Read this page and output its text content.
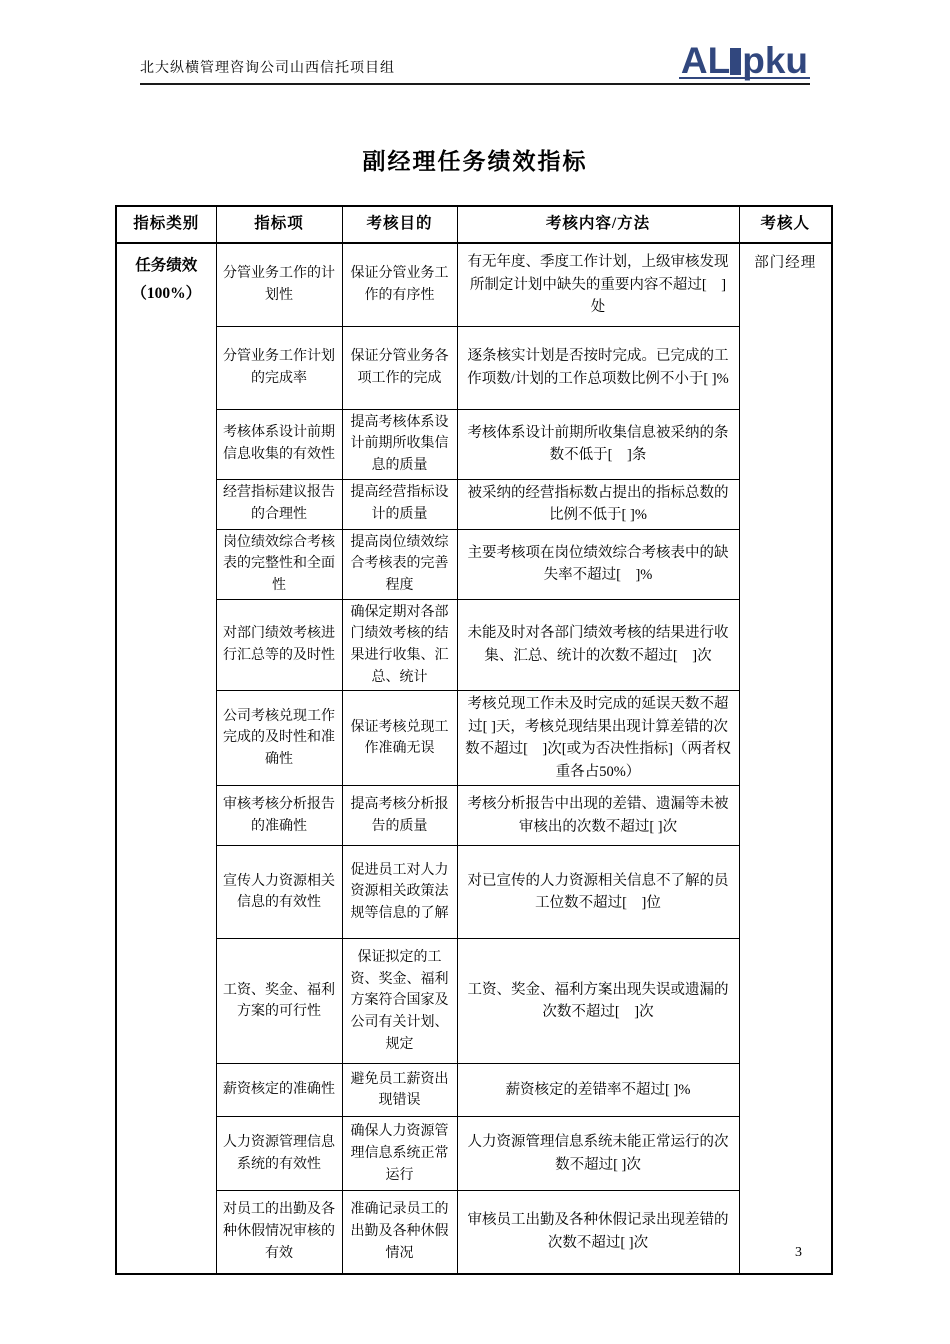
北大纵横管理咨询公司山西信托项目组	AL pku
副经理任务绩效指标
指标类别	指标项	考核目的	考核内容/方法	考核人

任务绩效
（100%）	分管业务工作的计划性	保证分管业务工作的有序性	有无年度、季度工作计划，上级审核发现所制定计划中缺失的重要内容不超过[　]处	部门经理
	分管业务工作计划的完成率	保证分管业务各项工作的完成	逐条核实计划是否按时完成。已完成的工作项数/计划的工作总项数比例不小于[ ]%	
	考核体系设计前期信息收集的有效性	提高考核体系设计前期所收集信息的质量	考核体系设计前期所收集信息被采纳的条数不低于[　]条	
	经营指标建议报告的合理性	提高经营指标设计的质量	被采纳的经营指标数占提出的指标总数的比例不低于[ ]%	
	岗位绩效综合考核表的完整性和全面性	提高岗位绩效综合考核表的完善程度	主要考核项在岗位绩效综合考核表中的缺失率不超过[　]%	
	对部门绩效考核进行汇总等的及时性	确保定期对各部门绩效考核的结果进行收集、汇总、统计	未能及时对各部门绩效考核的结果进行收集、汇总、统计的次数不超过[　]次	
	公司考核兑现工作完成的及时性和准确性	保证考核兑现工作准确无误	考核兑现工作未及时完成的延误天数不超过[ ]天，考核兑现结果出现计算差错的次数不超过[　]次[或为否决性指标]（两者权重各占50%）	
	审核考核分析报告的准确性	提高考核分析报告的质量	考核分析报告中出现的差错、遗漏等未被审核出的次数不超过[ ]次	
	宣传人力资源相关信息的有效性	促进员工对人力资源相关政策法规等信息的了解	对已宣传的人力资源相关信息不了解的员工位数不超过[　]位	
	工资、奖金、福利方案的可行性	保证拟定的工资、奖金、福利方案符合国家及公司有关计划、规定	工资、奖金、福利方案出现失误或遗漏的次数不超过[　]次	
	薪资核定的准确性	避免员工薪资出现错误	薪资核定的差错率不超过[ ]%	
	人力资源管理信息系统的有效性	确保人力资源管理信息系统正常运行	人力资源管理信息系统未能正常运行的次数不超过[ ]次	
	对员工的出勤及各种休假情况审核的有效	准确记录员工的出勤及各种休假情况	审核员工出勤及各种休假记录出现差错的次数不超过[ ]次	
3
